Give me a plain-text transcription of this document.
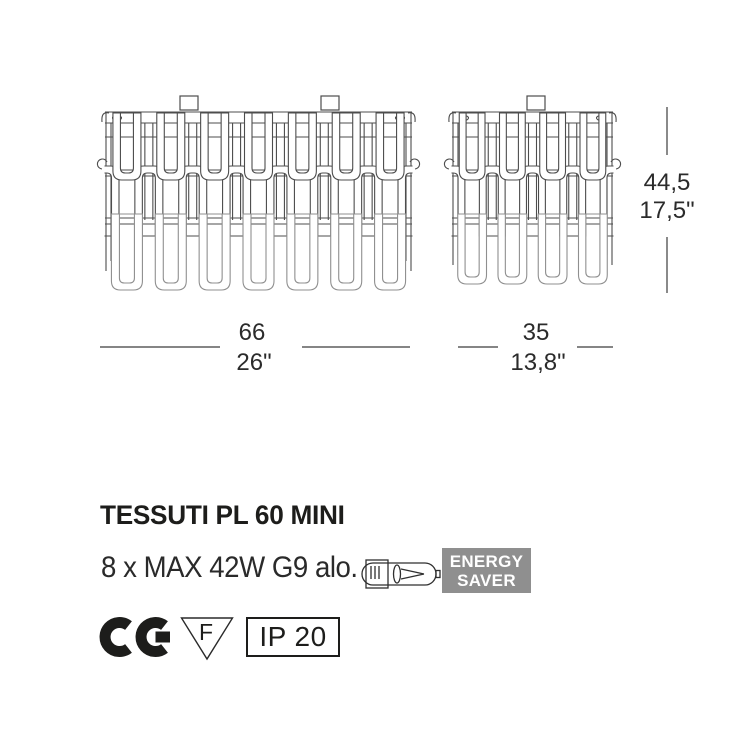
F
66
26"
35
13,8"
44,5
17,5"
TESSUTI PL 60 MINI
8 x MAX 42W G9 alo.	ENERGY
SAVER
IP 20
